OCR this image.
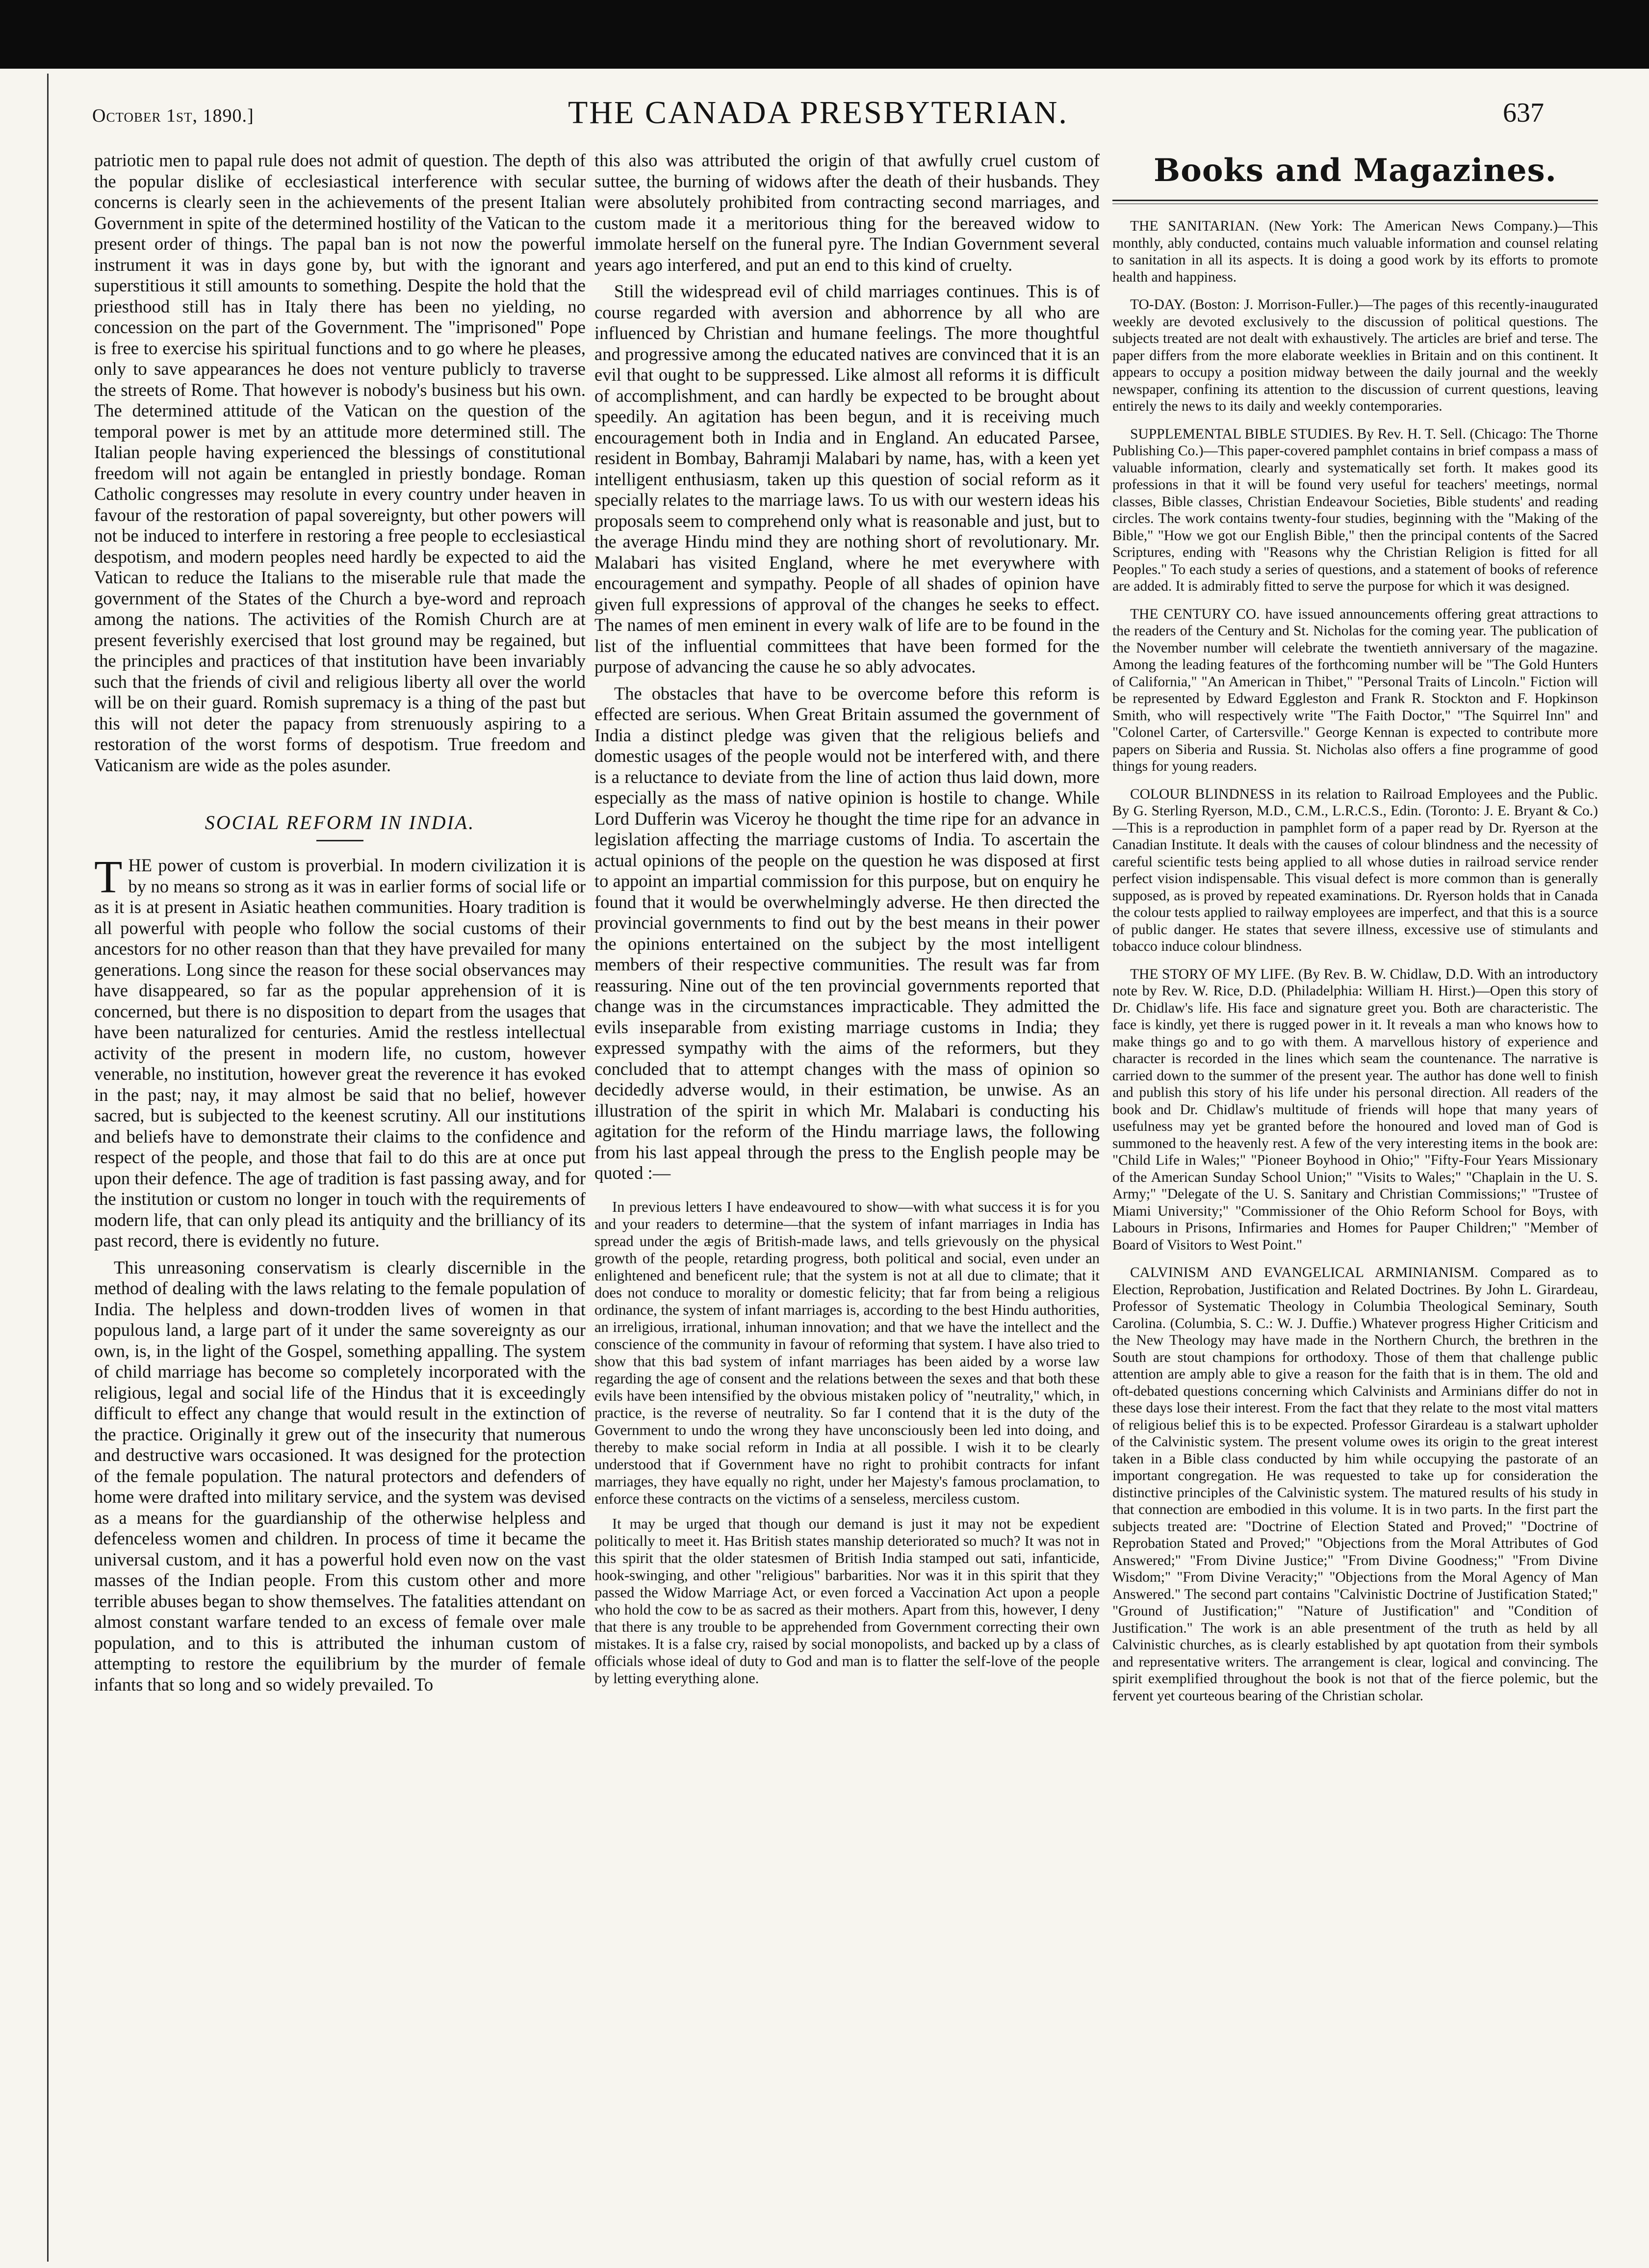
October 1st, 1890.]	THE CANADA PRESBYTERIAN.	637

patriotic men to papal rule does not admit of question. The depth of the popular dislike of ecclesiastical interference with secular concerns is clearly seen in the achievements of the present Italian Government in spite of the determined hostility of the Vatican to the present order of things. The papal ban is not now the powerful instrument it was in days gone by, but with the ignorant and superstitious it still amounts to something. Despite the hold that the priesthood still has in Italy there has been no yielding, no concession on the part of the Government. The "imprisoned" Pope is free to exercise his spiritual functions and to go where he pleases, only to save appearances he does not venture publicly to traverse the streets of Rome. That however is nobody's business but his own. The determined attitude of the Vatican on the question of the temporal power is met by an attitude more determined still. The Italian people having experienced the blessings of constitutional freedom will not again be entangled in priestly bondage. Roman Catholic congresses may resolute in every country under heaven in favour of the restoration of papal sovereignty, but other powers will not be induced to interfere in restoring a free people to ecclesiastical despotism, and modern peoples need hardly be expected to aid the Vatican to reduce the Italians to the miserable rule that made the government of the States of the Church a bye-word and reproach among the nations. The activities of the Romish Church are at present feverishly exercised that lost ground may be regained, but the principles and practices of that institution have been invariably such that the friends of civil and religious liberty all over the world will be on their guard. Romish supremacy is a thing of the past but this will not deter the papacy from strenuously aspiring to a restoration of the worst forms of despotism. True freedom and Vaticanism are wide as the poles asunder.

SOCIAL REFORM IN INDIA.

THE power of custom is proverbial. In modern civilization it is by no means so strong as it was in earlier forms of social life or as it is at present in Asiatic heathen communities. Hoary tradition is all powerful with people who follow the social customs of their ancestors for no other reason than that they have prevailed for many generations. Long since the reason for these social observances may have disappeared, so far as the popular apprehension of it is concerned, but there is no disposition to depart from the usages that have been naturalized for centuries. Amid the restless intellectual activity of the present in modern life, no custom, however venerable, no institution, however great the reverence it has evoked in the past; nay, it may almost be said that no belief, however sacred, but is subjected to the keenest scrutiny. All our institutions and beliefs have to demonstrate their claims to the confidence and respect of the people, and those that fail to do this are at once put upon their defence. The age of tradition is fast passing away, and for the institution or custom no longer in touch with the requirements of modern life, that can only plead its antiquity and the brilliancy of its past record, there is evidently no future.

This unreasoning conservatism is clearly discernible in the method of dealing with the laws relating to the female population of India. The helpless and down-trodden lives of women in that populous land, a large part of it under the same sovereignty as our own, is, in the light of the Gospel, something appalling. The system of child marriage has become so completely incorporated with the religious, legal and social life of the Hindus that it is exceedingly difficult to effect any change that would result in the extinction of the practice. Originally it grew out of the insecurity that numerous and destructive wars occasioned. It was designed for the protection of the female population. The natural protectors and defenders of home were drafted into military service, and the system was devised as a means for the guardianship of the otherwise helpless and defenceless women and children. In process of time it became the universal custom, and it has a powerful hold even now on the vast masses of the Indian people. From this custom other and more terrible abuses began to show themselves. The fatalities attendant on almost constant warfare tended to an excess of female over male population, and to this is attributed the inhuman custom of attempting to restore the equilibrium by the murder of female infants that so long and so widely prevailed. To

this also was attributed the origin of that awfully cruel custom of suttee, the burning of widows after the death of their husbands. They were absolutely prohibited from contracting second marriages, and custom made it a meritorious thing for the bereaved widow to immolate herself on the funeral pyre. The Indian Government several years ago interfered, and put an end to this kind of cruelty.

Still the widespread evil of child marriages continues. This is of course regarded with aversion and abhorrence by all who are influenced by Christian and humane feelings. The more thoughtful and progressive among the educated natives are convinced that it is an evil that ought to be suppressed. Like almost all reforms it is difficult of accomplishment, and can hardly be expected to be brought about speedily. An agitation has been begun, and it is receiving much encouragement both in India and in England. An educated Parsee, resident in Bombay, Bahramji Malabari by name, has, with a keen yet intelligent enthusiasm, taken up this question of social reform as it specially relates to the marriage laws. To us with our western ideas his proposals seem to comprehend only what is reasonable and just, but to the average Hindu mind they are nothing short of revolutionary. Mr. Malabari has visited England, where he met everywhere with encouragement and sympathy. People of all shades of opinion have given full expressions of approval of the changes he seeks to effect. The names of men eminent in every walk of life are to be found in the list of the influential committees that have been formed for the purpose of advancing the cause he so ably advocates.

The obstacles that have to be overcome before this reform is effected are serious. When Great Britain assumed the government of India a distinct pledge was given that the religious beliefs and domestic usages of the people would not be interfered with, and there is a reluctance to deviate from the line of action thus laid down, more especially as the mass of native opinion is hostile to change. While Lord Dufferin was Viceroy he thought the time ripe for an advance in legislation affecting the marriage customs of India. To ascertain the actual opinions of the people on the question he was disposed at first to appoint an impartial commission for this purpose, but on enquiry he found that it would be overwhelmingly adverse. He then directed the provincial governments to find out by the best means in their power the opinions entertained on the subject by the most intelligent members of their respective communities. The result was far from reassuring. Nine out of the ten provincial governments reported that change was in the circumstances impracticable. They admitted the evils inseparable from existing marriage customs in India; they expressed sympathy with the aims of the reformers, but they concluded that to attempt changes with the mass of opinion so decidedly adverse would, in their estimation, be unwise. As an illustration of the spirit in which Mr. Malabari is conducting his agitation for the reform of the Hindu marriage laws, the following from his last appeal through the press to the English people may be quoted :—

In previous letters I have endeavoured to show—with what success it is for you and your readers to determine—that the system of infant marriages in India has spread under the ægis of British-made laws, and tells grievously on the physical growth of the people, retarding progress, both political and social, even under an enlightened and beneficent rule; that the system is not at all due to climate; that it does not conduce to morality or domestic felicity; that far from being a religious ordinance, the system of infant marriages is, according to the best Hindu authorities, an irreligious, irrational, inhuman innovation; and that we have the intellect and the conscience of the community in favour of reforming that system. I have also tried to show that this bad system of infant marriages has been aided by a worse law regarding the age of consent and the relations between the sexes and that both these evils have been intensified by the obvious mistaken policy of "neutrality," which, in practice, is the reverse of neutrality. So far I contend that it is the duty of the Government to undo the wrong they have unconsciously been led into doing, and thereby to make social reform in India at all possible. I wish it to be clearly understood that if Government have no right to prohibit contracts for infant marriages, they have equally no right, under her Majesty's famous proclamation, to enforce these contracts on the victims of a senseless, merciless custom.

It may be urged that though our demand is just it may not be expedient politically to meet it. Has British states manship deteriorated so much? It was not in this spirit that the older statesmen of British India stamped out sati, infanticide, hook-swinging, and other "religious" barbarities. Nor was it in this spirit that they passed the Widow Marriage Act, or even forced a Vaccination Act upon a people who hold the cow to be as sacred as their mothers. Apart from this, however, I deny that there is any trouble to be apprehended from Government correcting their own mistakes. It is a false cry, raised by social monopolists, and backed up by a class of officials whose ideal of duty to God and man is to flatter the self-love of the people by letting everything alone.

Books and Magazines.

THE SANITARIAN. (New York: The American News Company.)—This monthly, ably conducted, contains much valuable information and counsel relating to sanitation in all its aspects. It is doing a good work by its efforts to promote health and happiness.

TO-DAY. (Boston: J. Morrison-Fuller.)—The pages of this recently-inaugurated weekly are devoted exclusively to the discussion of political questions. The subjects treated are not dealt with exhaustively. The articles are brief and terse. The paper differs from the more elaborate weeklies in Britain and on this continent. It appears to occupy a position midway between the daily journal and the weekly newspaper, confining its attention to the discussion of current questions, leaving entirely the news to its daily and weekly contemporaries.

SUPPLEMENTAL BIBLE STUDIES. By Rev. H. T. Sell. (Chicago: The Thorne Publishing Co.)—This paper-covered pamphlet contains in brief compass a mass of valuable information, clearly and systematically set forth. It makes good its professions in that it will be found very useful for teachers' meetings, normal classes, Bible classes, Christian Endeavour Societies, Bible students' and reading circles. The work contains twenty-four studies, beginning with the "Making of the Bible," "How we got our English Bible," then the principal contents of the Sacred Scriptures, ending with "Reasons why the Christian Religion is fitted for all Peoples." To each study a series of questions, and a statement of books of reference are added. It is admirably fitted to serve the purpose for which it was designed.

THE CENTURY CO. have issued announcements offering great attractions to the readers of the Century and St. Nicholas for the coming year. The publication of the November number will celebrate the twentieth anniversary of the magazine. Among the leading features of the forthcoming number will be "The Gold Hunters of California," "An American in Thibet," "Personal Traits of Lincoln." Fiction will be represented by Edward Eggleston and Frank R. Stockton and F. Hopkinson Smith, who will respectively write "The Faith Doctor," "The Squirrel Inn" and "Colonel Carter, of Cartersville." George Kennan is expected to contribute more papers on Siberia and Russia. St. Nicholas also offers a fine programme of good things for young readers.

COLOUR BLINDNESS in its relation to Railroad Employees and the Public. By G. Sterling Ryerson, M.D., C.M., L.R.C.S., Edin. (Toronto: J. E. Bryant & Co.)—This is a reproduction in pamphlet form of a paper read by Dr. Ryerson at the Canadian Institute. It deals with the causes of colour blindness and the necessity of careful scientific tests being applied to all whose duties in railroad service render perfect vision indispensable. This visual defect is more common than is generally supposed, as is proved by repeated examinations. Dr. Ryerson holds that in Canada the colour tests applied to railway employees are imperfect, and that this is a source of public danger. He states that severe illness, excessive use of stimulants and tobacco induce colour blindness.

THE STORY OF MY LIFE. (By Rev. B. W. Chidlaw, D.D. With an introductory note by Rev. W. Rice, D.D. (Philadelphia: William H. Hirst.)—Open this story of Dr. Chidlaw's life. His face and signature greet you. Both are characteristic. The face is kindly, yet there is rugged power in it. It reveals a man who knows how to make things go and to go with them. A marvellous history of experience and character is recorded in the lines which seam the countenance. The narrative is carried down to the summer of the present year. The author has done well to finish and publish this story of his life under his personal direction. All readers of the book and Dr. Chidlaw's multitude of friends will hope that many years of usefulness may yet be granted before the honoured and loved man of God is summoned to the heavenly rest. A few of the very interesting items in the book are: "Child Life in Wales;" "Pioneer Boyhood in Ohio;" "Fifty-Four Years Missionary of the American Sunday School Union;" "Visits to Wales;" "Chaplain in the U. S. Army;" "Delegate of the U. S. Sanitary and Christian Commissions;" "Trustee of Miami University;" "Commissioner of the Ohio Reform School for Boys, with Labours in Prisons, Infirmaries and Homes for Pauper Children;" "Member of Board of Visitors to West Point."

CALVINISM AND EVANGELICAL ARMINIANISM. Compared as to Election, Reprobation, Justification and Related Doctrines. By John L. Girardeau, Professor of Systematic Theology in Columbia Theological Seminary, South Carolina. (Columbia, S. C.: W. J. Duffie.) Whatever progress Higher Criticism and the New Theology may have made in the Northern Church, the brethren in the South are stout champions for orthodoxy. Those of them that challenge public attention are amply able to give a reason for the faith that is in them. The old and oft-debated questions concerning which Calvinists and Arminians differ do not in these days lose their interest. From the fact that they relate to the most vital matters of religious belief this is to be expected. Professor Girardeau is a stalwart upholder of the Calvinistic system. The present volume owes its origin to the great interest taken in a Bible class conducted by him while occupying the pastorate of an important congregation. He was requested to take up for consideration the distinctive principles of the Calvinistic system. The matured results of his study in that connection are embodied in this volume. It is in two parts. In the first part the subjects treated are: "Doctrine of Election Stated and Proved;" "Doctrine of Reprobation Stated and Proved;" "Objections from the Moral Attributes of God Answered;" "From Divine Justice;" "From Divine Goodness;" "From Divine Wisdom;" "From Divine Veracity;" "Objections from the Moral Agency of Man Answered." The second part contains "Calvinistic Doctrine of Justification Stated;" "Ground of Justification;" "Nature of Justification" and "Condition of Justification." The work is an able presentment of the truth as held by all Calvinistic churches, as is clearly established by apt quotation from their symbols and representative writers. The arrangement is clear, logical and convincing. The spirit exemplified throughout the book is not that of the fierce polemic, but the fervent yet courteous bearing of the Christian scholar.
